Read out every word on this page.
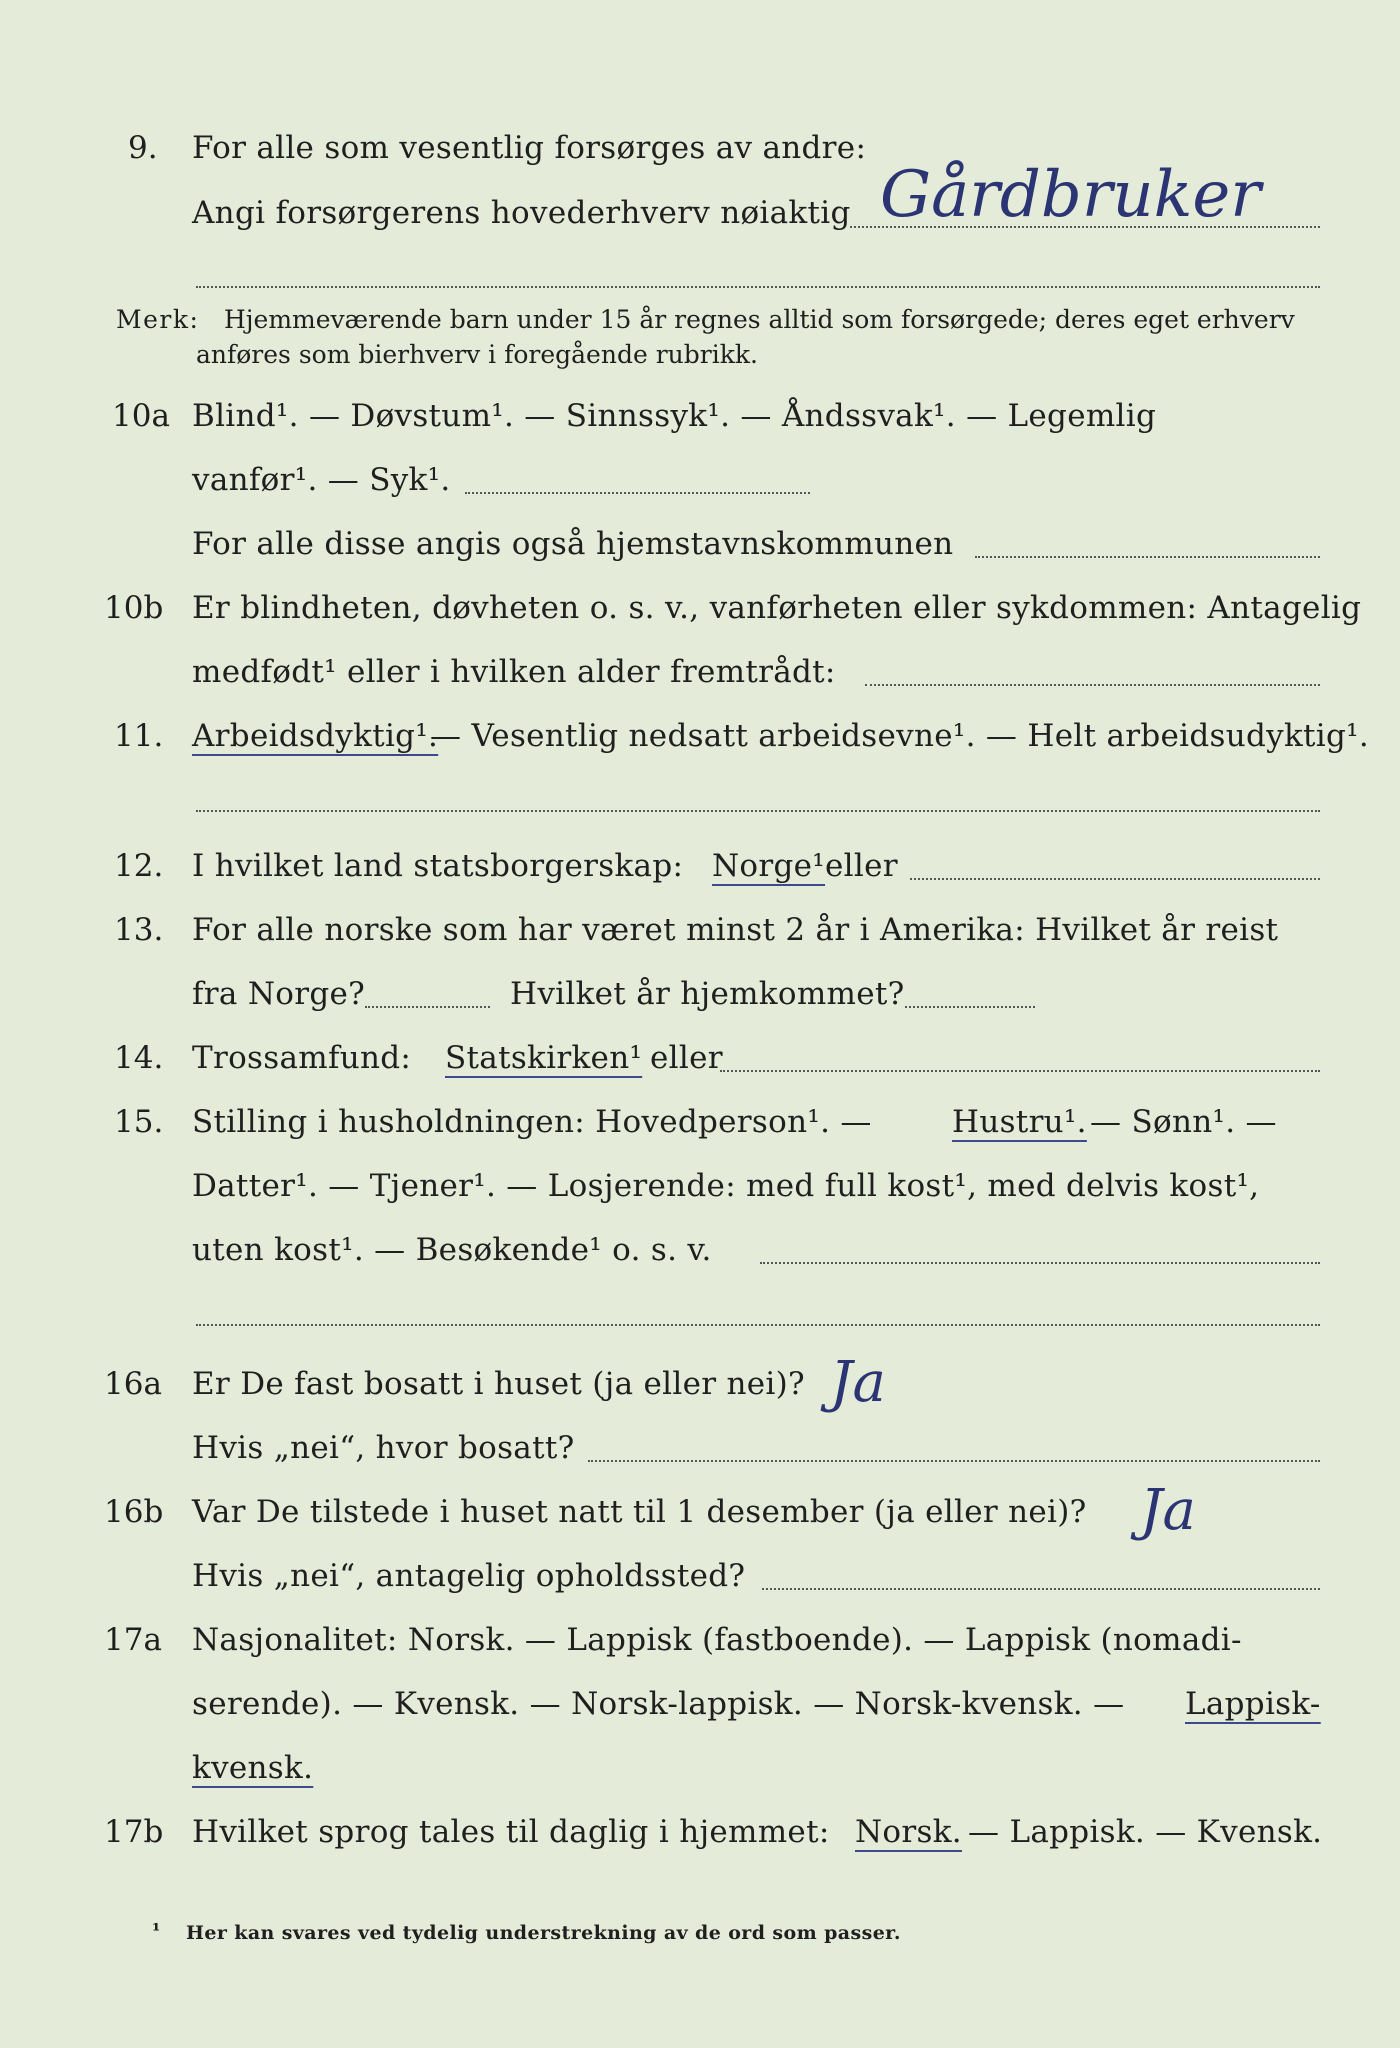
9. For alle som vesentlig forsørges av andre:
Angi forsørgerens hovederhverv nøiaktig Gårdbruker
Merk: Hjemmeværende barn under 15 år regnes alltid som forsørgede; deres eget erhverv
anføres som bierhverv i foregående rubrikk.
10a Blind¹. — Døvstum¹. — Sinnssyk¹. — Åndssvak¹. — Legemlig
vanfør¹. — Syk¹.
For alle disse angis også hjemstavnskommunen
10b Er blindheten, døvheten o. s. v., vanførheten eller sykdommen: Antagelig
medfødt¹ eller i hvilken alder fremtrådt:
11. Arbeidsdyktig¹.
— Vesentlig nedsatt arbeidsevne¹. — Helt arbeidsudyktig¹.
12. I hvilket land statsborgerskap: Norge¹ eller
13. For alle norske som har været minst 2 år i Amerika: Hvilket år reist
fra Norge?	Hvilket år hjemkommet?
14. Trossamfund: Statskirken¹ eller
15. Stilling i husholdningen: Hovedperson¹. —	Hustru¹. — Sønn¹. —
Datter¹. — Tjener¹. — Losjerende: med full kost¹, med delvis kost¹,
uten kost¹. — Besøkende¹ o. s. v.
16a Er De fast bosatt i huset (ja eller nei)? Ja
Hvis „nei“, hvor bosatt?
16b Var De tilstede i huset natt til 1 desember (ja eller nei)? Ja
Hvis „nei“, antagelig opholdssted?
17a Nasjonalitet: Norsk. — Lappisk (fastboende). — Lappisk (nomadi-
serende). — Kvensk. — Norsk-lappisk. — Norsk-kvensk. — Lappisk-
kvensk.
17b Hvilket sprog tales til daglig i hjemmet: Norsk. — Lappisk. — Kvensk.
¹ Her kan svares ved tydelig understrekning av de ord som passer.
